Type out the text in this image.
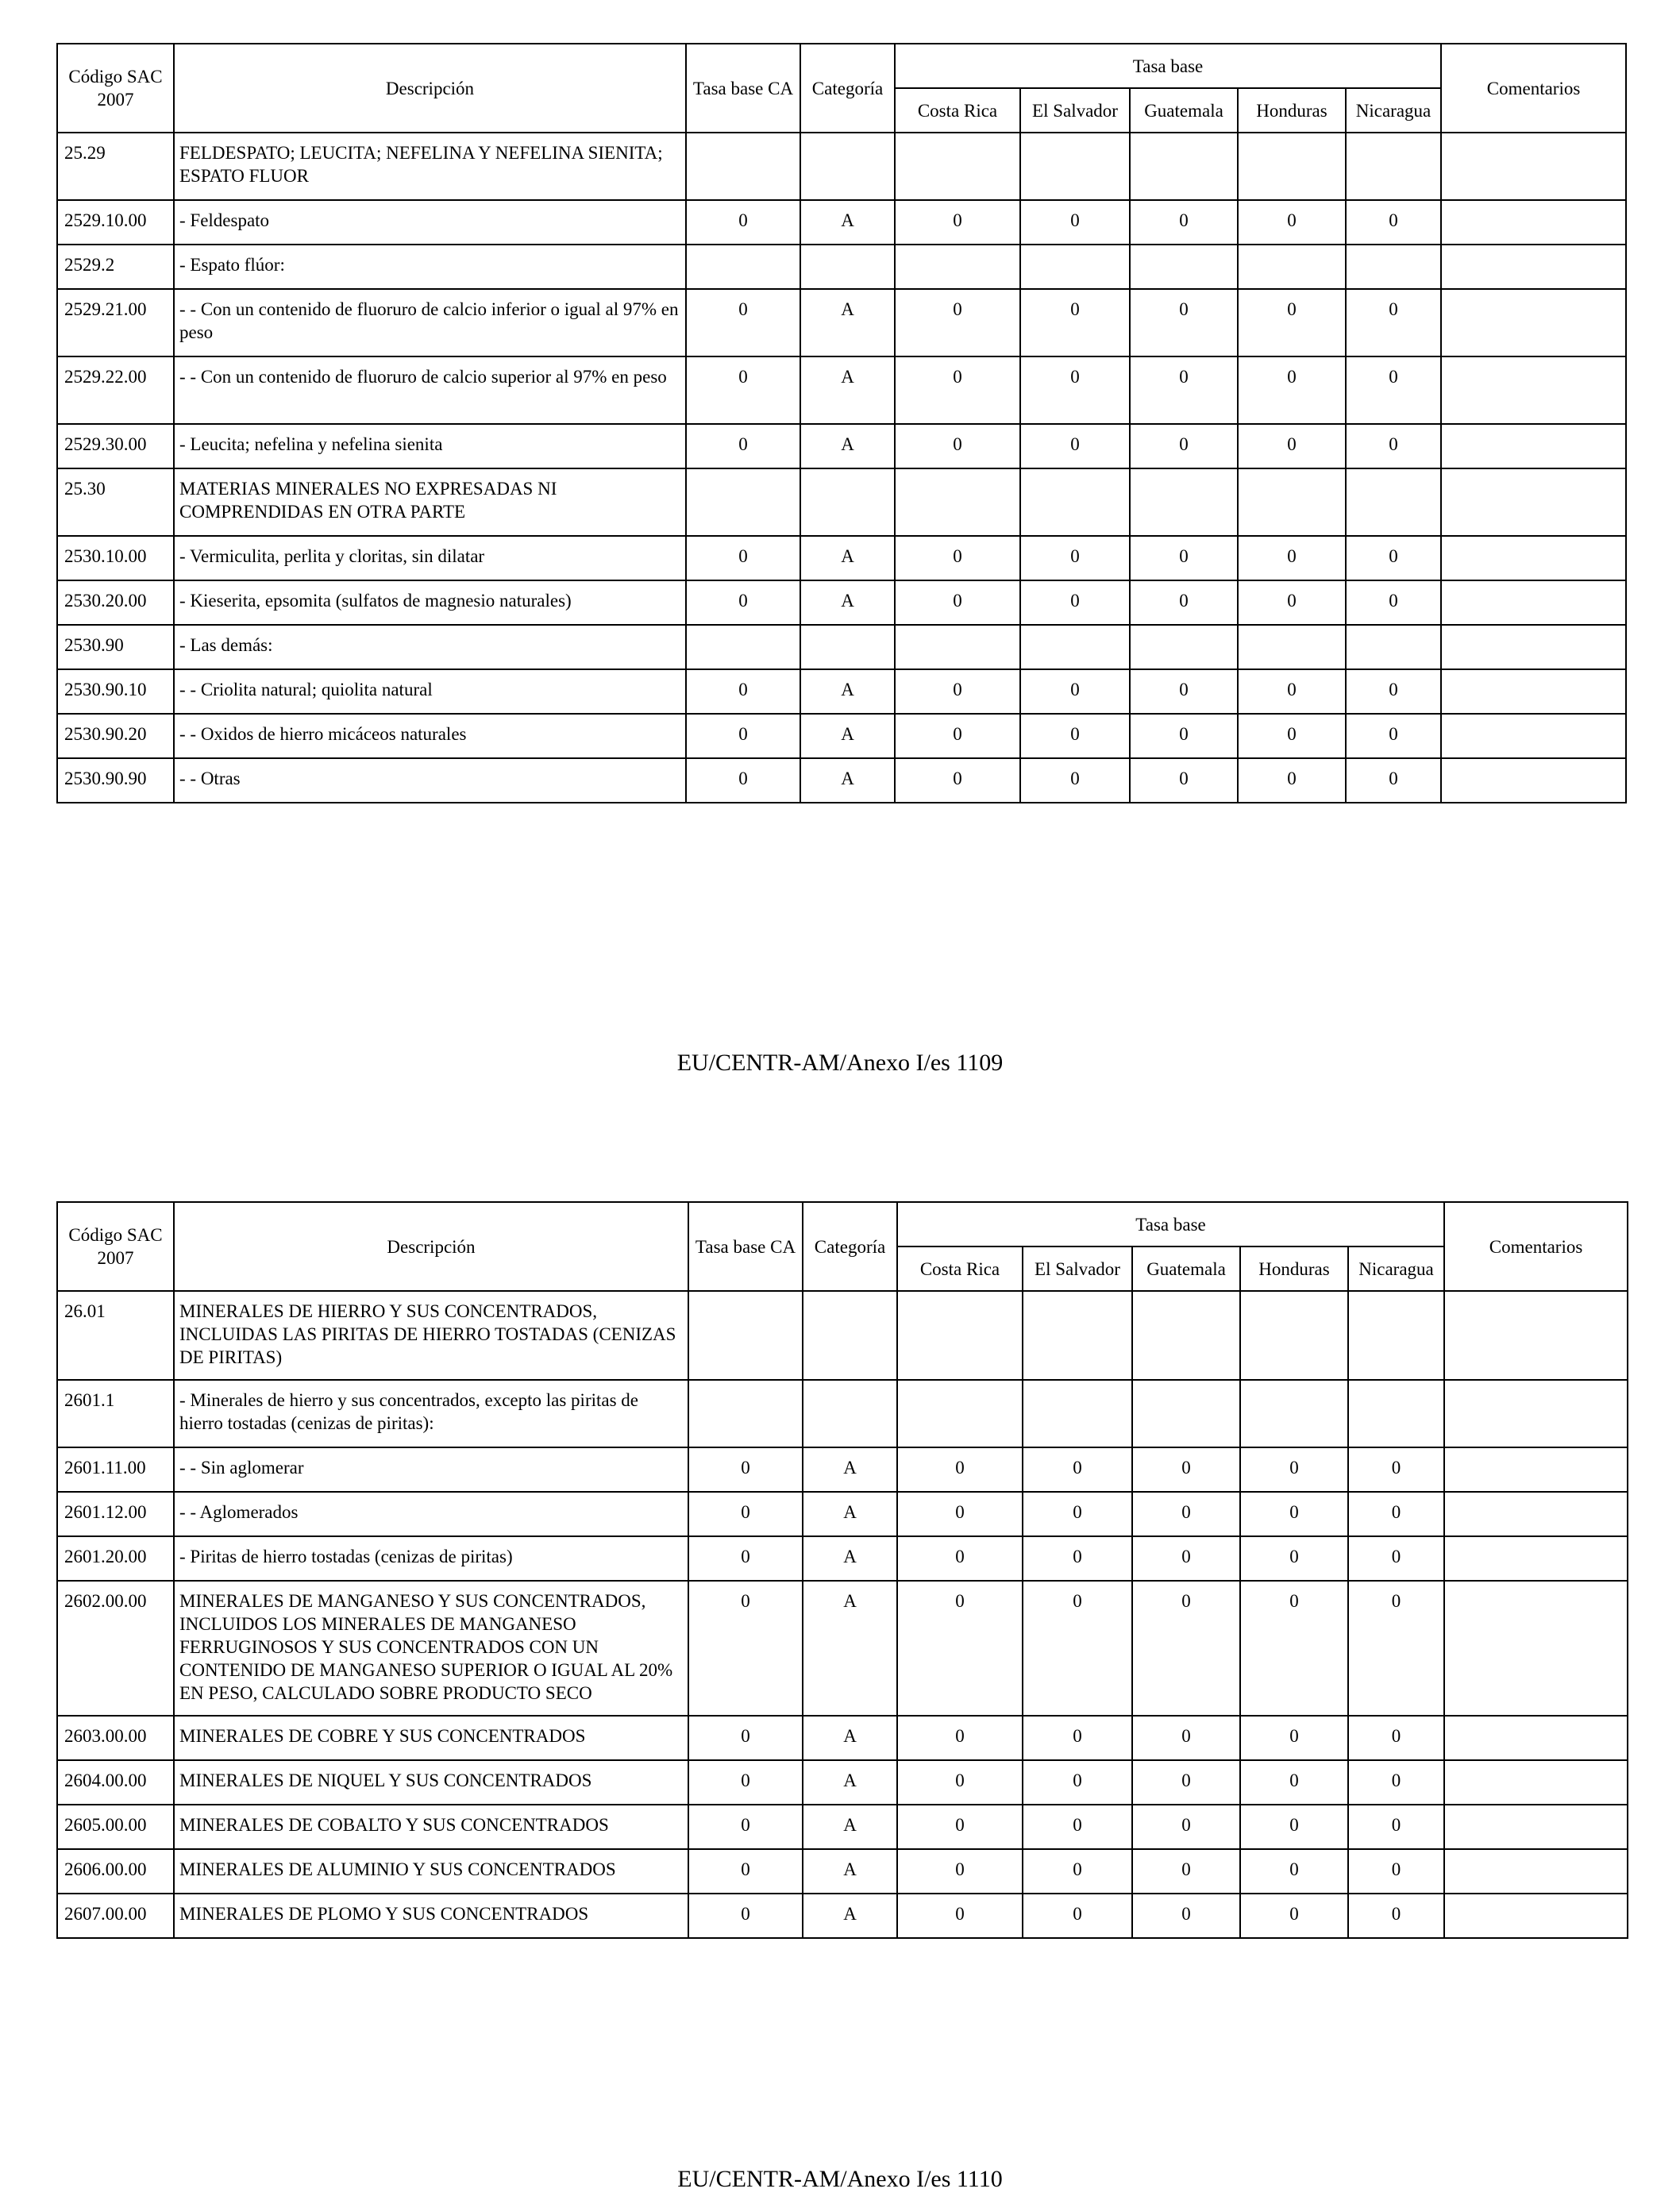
Código SAC 2007	Descripción	Tasa base CA	Categoría	Tasa base					Comentarios
				Costa Rica	El Salvador	Guatemala	Honduras	Nicaragua	
25.29	FELDESPATO; LEUCITA; NEFELINA Y NEFELINA SIENITA; ESPATO FLUOR								
2529.10.00	- Feldespato	0	A	0	0	0	0	0	
2529.2	- Espato flúor:								
2529.21.00	- - Con un contenido de fluoruro de calcio inferior o igual al 97% en peso	0	A	0	0	0	0	0	
2529.22.00	- - Con un contenido de fluoruro de calcio superior al 97% en peso	0	A	0	0	0	0	0	
2529.30.00	- Leucita; nefelina y nefelina sienita	0	A	0	0	0	0	0	
25.30	MATERIAS MINERALES NO EXPRESADAS NI COMPRENDIDAS EN OTRA PARTE								
2530.10.00	- Vermiculita, perlita y cloritas, sin dilatar	0	A	0	0	0	0	0	
2530.20.00	- Kieserita, epsomita (sulfatos de magnesio naturales)	0	A	0	0	0	0	0	
2530.90	- Las demás:								
2530.90.10	- - Criolita natural; quiolita natural	0	A	0	0	0	0	0	
2530.90.20	- - Oxidos de hierro micáceos naturales	0	A	0	0	0	0	0	
2530.90.90	- - Otras	0	A	0	0	0	0	0	
EU/CENTR-AM/Anexo I/es 1109
Código SAC 2007	Descripción	Tasa base CA	Categoría	Tasa base					Comentarios
				Costa Rica	El Salvador	Guatemala	Honduras	Nicaragua	
26.01	MINERALES DE HIERRO Y SUS CONCENTRADOS, INCLUIDAS LAS PIRITAS DE HIERRO TOSTADAS (CENIZAS DE PIRITAS)								
2601.1	- Minerales de hierro y sus concentrados, excepto las piritas de hierro tostadas (cenizas de piritas):								
2601.11.00	- - Sin aglomerar	0	A	0	0	0	0	0	
2601.12.00	- - Aglomerados	0	A	0	0	0	0	0	
2601.20.00	- Piritas de hierro tostadas (cenizas de piritas)	0	A	0	0	0	0	0	
2602.00.00	MINERALES DE MANGANESO Y SUS CONCENTRADOS, INCLUIDOS LOS MINERALES DE MANGANESO FERRUGINOSOS Y SUS CONCENTRADOS CON UN CONTENIDO DE MANGANESO SUPERIOR O IGUAL AL 20% EN PESO, CALCULADO SOBRE PRODUCTO SECO	0	A	0	0	0	0	0	
2603.00.00	MINERALES DE COBRE Y SUS CONCENTRADOS	0	A	0	0	0	0	0	
2604.00.00	MINERALES DE NIQUEL Y SUS CONCENTRADOS	0	A	0	0	0	0	0	
2605.00.00	MINERALES DE COBALTO Y SUS CONCENTRADOS	0	A	0	0	0	0	0	
2606.00.00	MINERALES DE ALUMINIO Y SUS CONCENTRADOS	0	A	0	0	0	0	0	
2607.00.00	MINERALES DE PLOMO Y SUS CONCENTRADOS	0	A	0	0	0	0	0	
EU/CENTR-AM/Anexo I/es 1110
